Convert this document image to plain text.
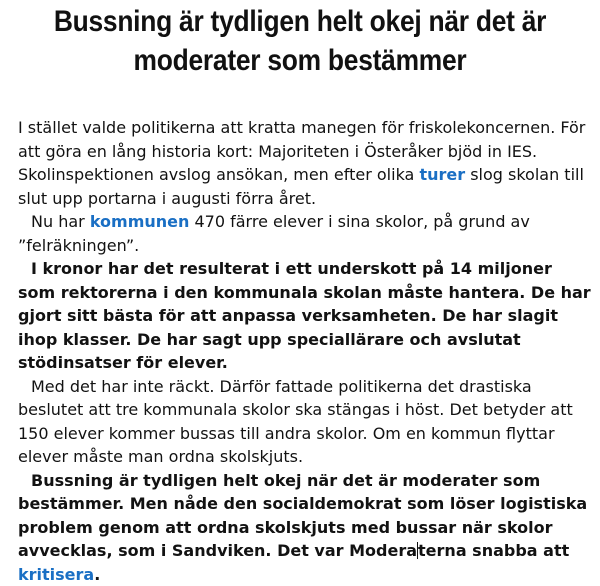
Bussning är tydligen helt okej när det är moderater som bestämmer

I stället valde politikerna att kratta manegen för friskolekoncernen. För att göra en lång historia kort: Majoriteten i Österåker bjöd in IES. Skolinspektionen avslog ansökan, men efter olika turer slog skolan till slut upp portarna i augusti förra året.

Nu har kommunen 470 färre elever i sina skolor, på grund av ”felräkningen”.

I kronor har det resulterat i ett underskott på 14 miljoner som rektorerna i den kommunala skolan måste hantera. De har gjort sitt bästa för att anpassa verksamheten. De har slagit ihop klasser. De har sagt upp speciallärare och avslutat stödinsatser för elever.

Med det har inte räckt. Därför fattade politikerna det drastiska beslutet att tre kommunala skolor ska stängas i höst. Det betyder att 150 elever kommer bussas till andra skolor. Om en kommun flyttar elever måste man ordna skolskjuts.

Bussning är tydligen helt okej när det är moderater som bestämmer. Men nåde den socialdemokrat som löser logistiska problem genom att ordna skolskjuts med bussar när skolor avvecklas, som i Sandviken. Det var Moderaterna snabba att kritisera.
